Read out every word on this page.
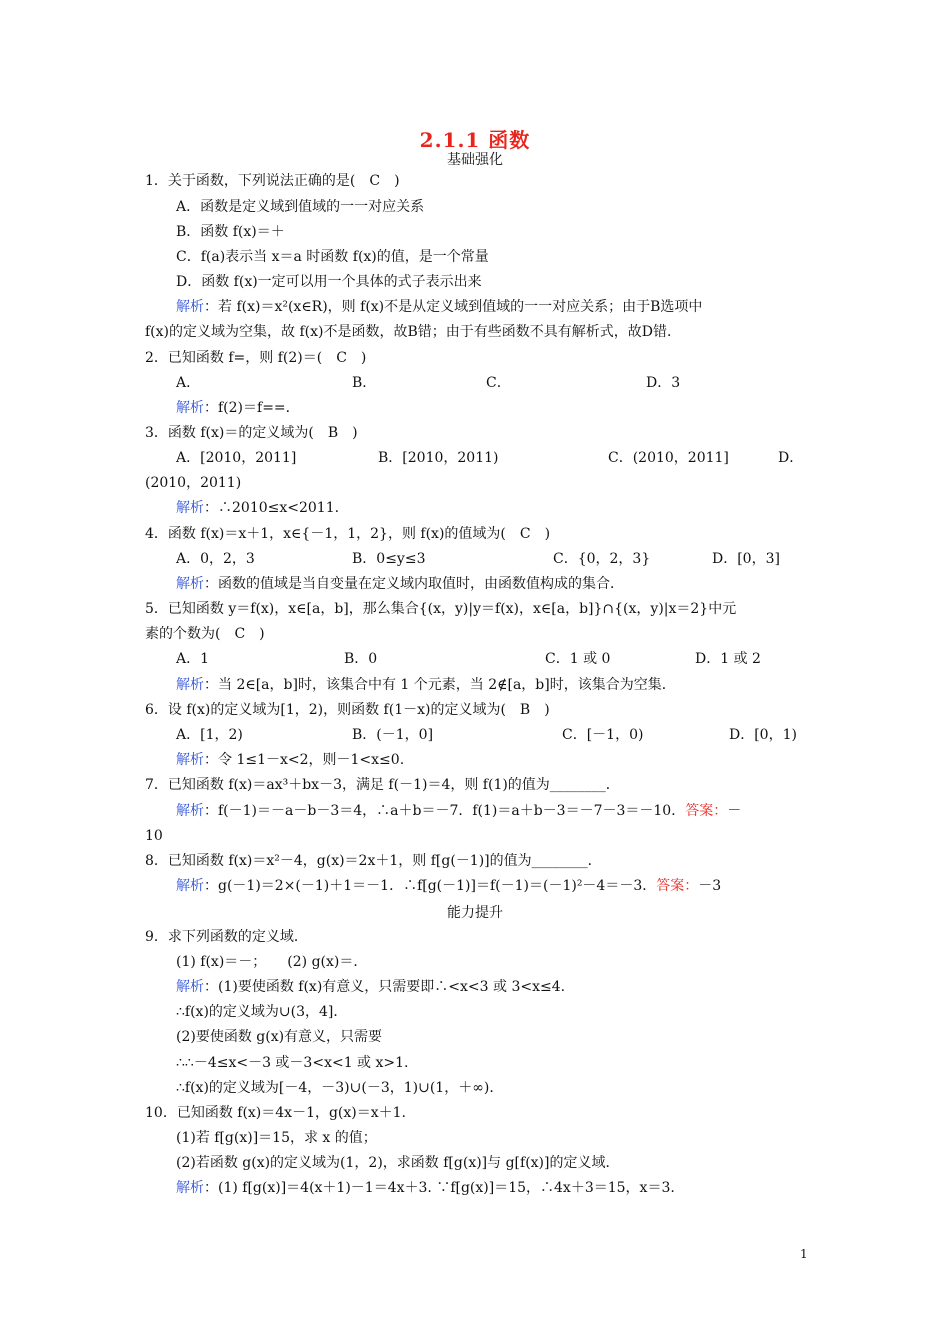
2.1.1 函数
基础强化
1．关于函数，下列说法正确的是(　C　)
A．函数是定义域到值域的一一对应关系
B．函数 f(x)＝＋
C．f(a)表示当 x＝a 时函数 f(x)的值，是一个常量
D．函数 f(x)一定可以用一个具体的式子表示出来
解析：若 f(x)＝x²(x∈R)，则 f(x)不是从定义域到值域的一一对应关系；由于B选项中
f(x)的定义域为空集，故 f(x)不是函数，故B错；由于有些函数不具有解析式，故D错．
2．已知函数 f=，则 f(2)＝(　C　)
A．	B．	C．	D．3
解析：f(2)＝f==．
3．函数 f(x)＝的定义域为(　B　)
A．[2010，2011]	B．[2010，2011)	C．(2010，2011]	D．
(2010，2011)
解析：∴2010≤x<2011.
4．函数 f(x)＝x＋1，x∈{－1，1，2}，则 f(x)的值域为(　C　)
A．0，2，3	B．0≤y≤3	C．{0，2，3}	D．[0，3]
解析：函数的值域是当自变量在定义域内取值时，由函数值构成的集合．
5．已知函数 y＝f(x)，x∈[a，b]，那么集合{(x，y)|y＝f(x)，x∈[a，b]}∩{(x，y)|x＝2}中元
素的个数为(　C　)
A．1	B．0	C．1 或 0	D．1 或 2
解析：当 2∈[a，b]时，该集合中有 1 个元素，当 2∉[a，b]时，该集合为空集．
6．设 f(x)的定义域为[1，2)，则函数 f(1－x)的定义域为(　B　)
A．[1，2)	B．(－1，0]	C．[－1，0)	D．[0，1)
解析：令 1≤1－x<2，则－1<x≤0.
7．已知函数 f(x)＝ax³＋bx－3，满足 f(－1)＝4，则 f(1)的值为________．
解析：f(－1)＝－a－b－3＝4，∴a＋b＝－7．f(1)＝a＋b－3＝－7－3＝－10．答案：－
10
8．已知函数 f(x)＝x²－4，g(x)＝2x＋1，则 f[g(－1)]的值为________．
解析：g(－1)＝2×(－1)＋1＝－1．∴f[g(－1)]＝f(－1)＝(－1)²－4＝－3．答案：－3
能力提升
9．求下列函数的定义域．
(1) f(x)＝－；　　(2) g(x)＝．
解析：(1)要使函数 f(x)有意义，只需要即∴<x<3 或 3<x≤4.
∴f(x)的定义域为∪(3，4]．
(2)要使函数 g(x)有意义，只需要
∴∴－4≤x<－3 或－3<x<1 或 x>1.
∴f(x)的定义域为[－4，－3)∪(－3，1)∪(1，＋∞)．
10．已知函数 f(x)＝4x－1，g(x)＝x＋1.
(1)若 f[g(x)]＝15，求 x 的值；
(2)若函数 g(x)的定义域为(1，2)，求函数 f[g(x)]与 g[f(x)]的定义域．
解析：(1) f[g(x)]＝4(x＋1)－1＝4x＋3. ∵f[g(x)]＝15，∴4x＋3＝15，x＝3.
1
